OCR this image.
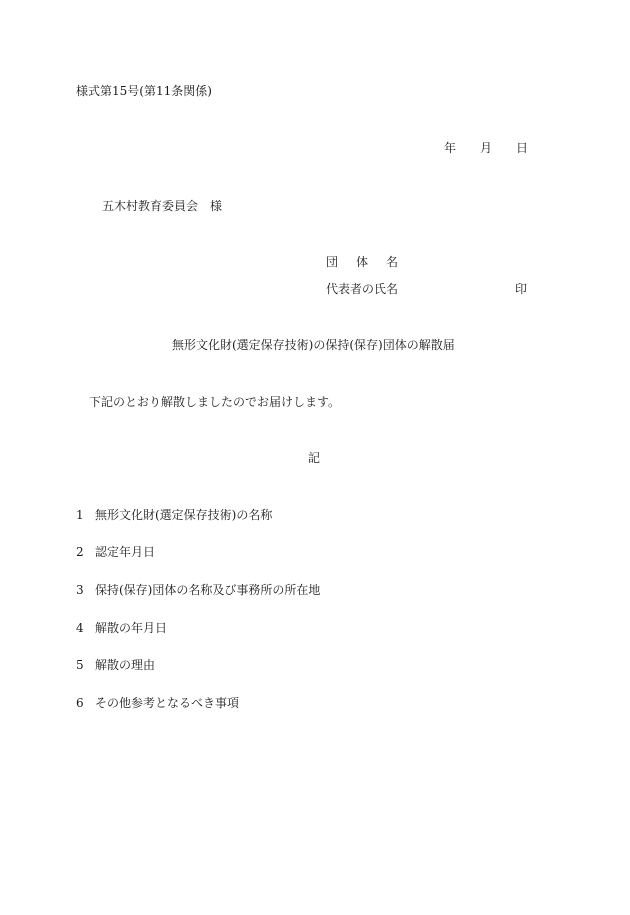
様式第15号(第11条関係)
年 月 日
五木村教育委員会　様
団 体 名
代表者の氏名	印
無形文化財(選定保存技術)の保持(保存)団体の解散届
下記のとおり解散しましたのでお届けします。
記
1 無形文化財(選定保存技術)の名称
2 認定年月日
3 保持(保存)団体の名称及び事務所の所在地
4 解散の年月日
5 解散の理由
6 その他参考となるべき事項
